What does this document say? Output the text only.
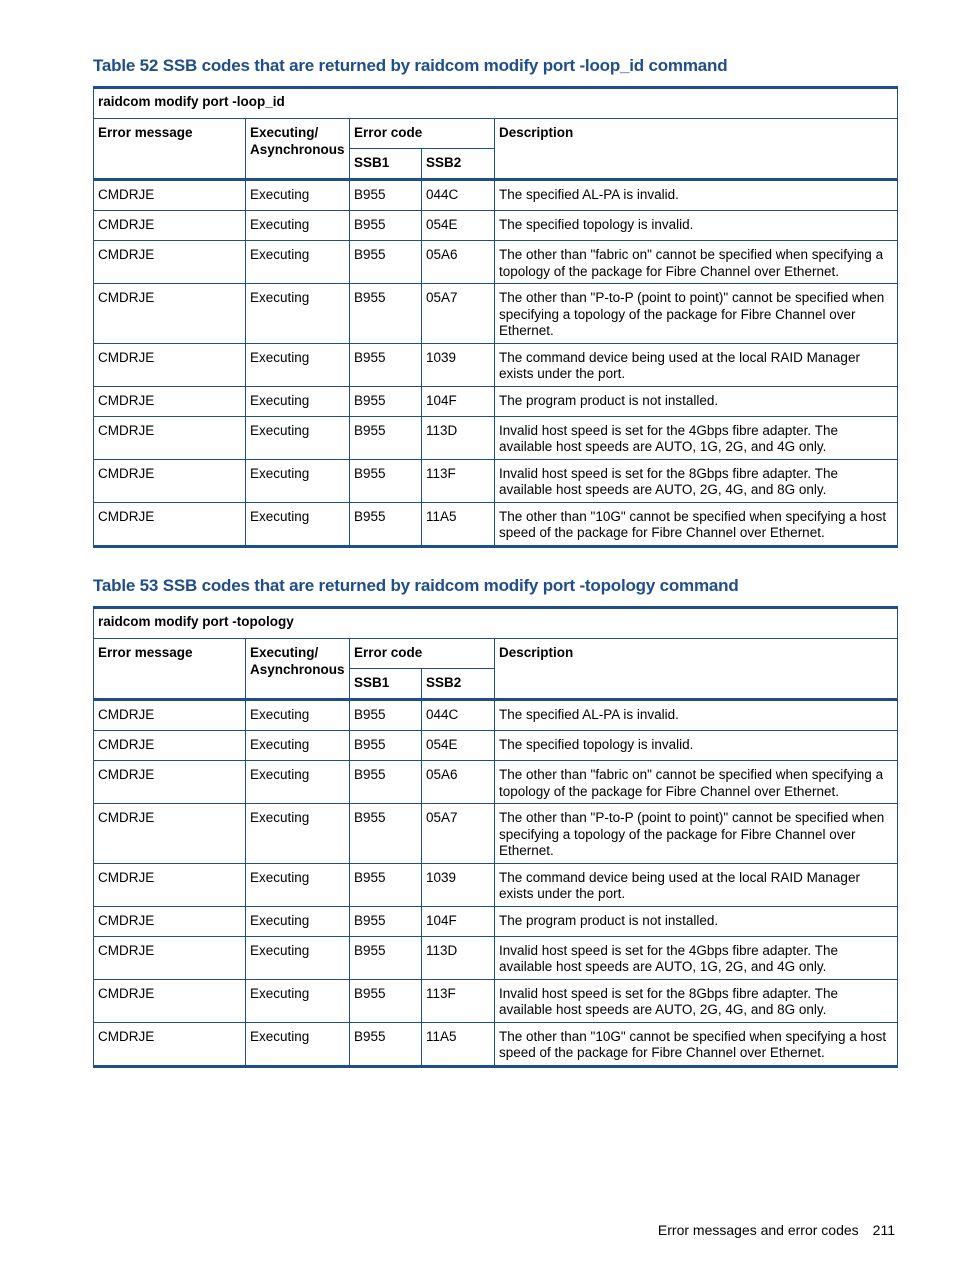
Table 52 SSB codes that are returned by raidcom modify port -loop_id command
raidcom modify port -loop_id				
Error message	Executing/ Asynchronous	Error code		Description
		SSB1	SSB2	
CMDRJE	Executing	B955	044C	The specified AL-PA is invalid.
CMDRJE	Executing	B955	054E	The specified topology is invalid.
CMDRJE	Executing	B955	05A6	The other than "fabric on" cannot be specified when specifying a topology of the package for Fibre Channel over Ethernet.
CMDRJE	Executing	B955	05A7	The other than "P-to-P (point to point)" cannot be specified when specifying a topology of the package for Fibre Channel over Ethernet.
CMDRJE	Executing	B955	1039	The command device being used at the local RAID Manager exists under the port.
CMDRJE	Executing	B955	104F	The program product is not installed.
CMDRJE	Executing	B955	113D	Invalid host speed is set for the 4Gbps fibre adapter. The available host speeds are AUTO, 1G, 2G, and 4G only.
CMDRJE	Executing	B955	113F	Invalid host speed is set for the 8Gbps fibre adapter. The available host speeds are AUTO, 2G, 4G, and 8G only.
CMDRJE	Executing	B955	11A5	The other than "10G" cannot be specified when specifying a host speed of the package for Fibre Channel over Ethernet.
Table 53 SSB codes that are returned by raidcom modify port -topology command
raidcom modify port -topology				
Error message	Executing/ Asynchronous	Error code		Description
		SSB1	SSB2	
CMDRJE	Executing	B955	044C	The specified AL-PA is invalid.
CMDRJE	Executing	B955	054E	The specified topology is invalid.
CMDRJE	Executing	B955	05A6	The other than "fabric on" cannot be specified when specifying a topology of the package for Fibre Channel over Ethernet.
CMDRJE	Executing	B955	05A7	The other than "P-to-P (point to point)" cannot be specified when specifying a topology of the package for Fibre Channel over Ethernet.
CMDRJE	Executing	B955	1039	The command device being used at the local RAID Manager exists under the port.
CMDRJE	Executing	B955	104F	The program product is not installed.
CMDRJE	Executing	B955	113D	Invalid host speed is set for the 4Gbps fibre adapter. The available host speeds are AUTO, 1G, 2G, and 4G only.
CMDRJE	Executing	B955	113F	Invalid host speed is set for the 8Gbps fibre adapter. The available host speeds are AUTO, 2G, 4G, and 8G only.
CMDRJE	Executing	B955	11A5	The other than "10G" cannot be specified when specifying a host speed of the package for Fibre Channel over Ethernet.
Error messages and error codes 211
